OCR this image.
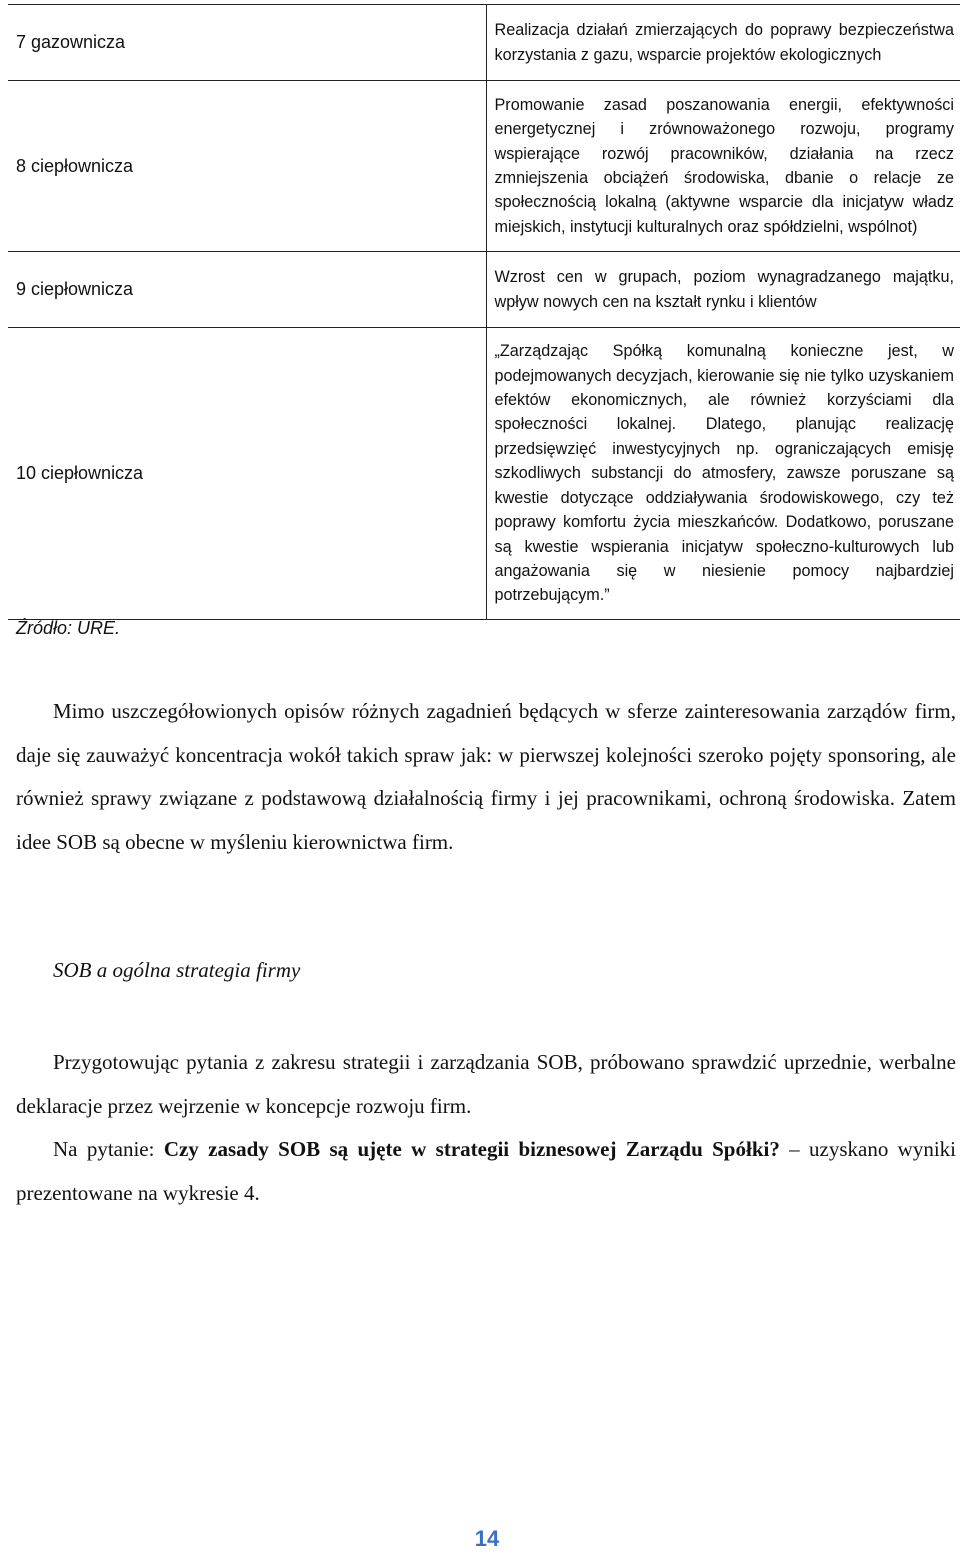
7 gazownicza	Realizacja działań zmierzających do poprawy bezpieczeństwa korzystania z gazu, wsparcie projektów ekologicznych
8 ciepłownicza	Promowanie zasad poszanowania energii, efektywności energetycznej i zrównoważonego rozwoju, programy wspierające rozwój pracowników, działania na rzecz zmniejszenia obciążeń środowiska, dbanie o relacje ze społecznością lokalną (aktywne wsparcie dla inicjatyw władz miejskich, instytucji kulturalnych oraz spółdzielni, wspólnot)
9 ciepłownicza	Wzrost cen w grupach, poziom wynagradzanego majątku, wpływ nowych cen na kształt rynku i klientów
10 ciepłownicza	„Zarządzając Spółką komunalną konieczne jest, w podejmowanych decyzjach, kierowanie się nie tylko uzyskaniem efektów ekonomicznych, ale również korzyściami dla społeczności lokalnej. Dlatego, planując realizację przedsięwzięć inwestycyjnych np. ograniczających emisję szkodliwych substancji do atmosfery, zawsze poruszane są kwestie dotyczące oddziaływania środowiskowego, czy też poprawy komfortu życia mieszkańców. Dodatkowo, poruszane są kwestie wspierania inicjatyw społeczno-kulturowych lub angażowania się w niesienie pomocy najbardziej potrzebującym.”
Źródło: URE.

Mimo uszczegółowionych opisów różnych zagadnień będących w sferze zainteresowania zarządów firm, daje się zauważyć koncentracja wokół takich spraw jak: w pierwszej kolejności szeroko pojęty sponsoring, ale również sprawy związane z podstawową działalnością firmy i jej pracownikami, ochroną środowiska. Zatem idee SOB są obecne w myśleniu kierownictwa firm.

SOB a ogólna strategia firmy

Przygotowując pytania z zakresu strategii i zarządzania SOB, próbowano sprawdzić uprzednie, werbalne deklaracje przez wejrzenie w koncepcje rozwoju firm.

Na pytanie: Czy zasady SOB są ujęte w strategii biznesowej Zarządu Spółki? – uzyskano wyniki prezentowane na wykresie 4.

14
